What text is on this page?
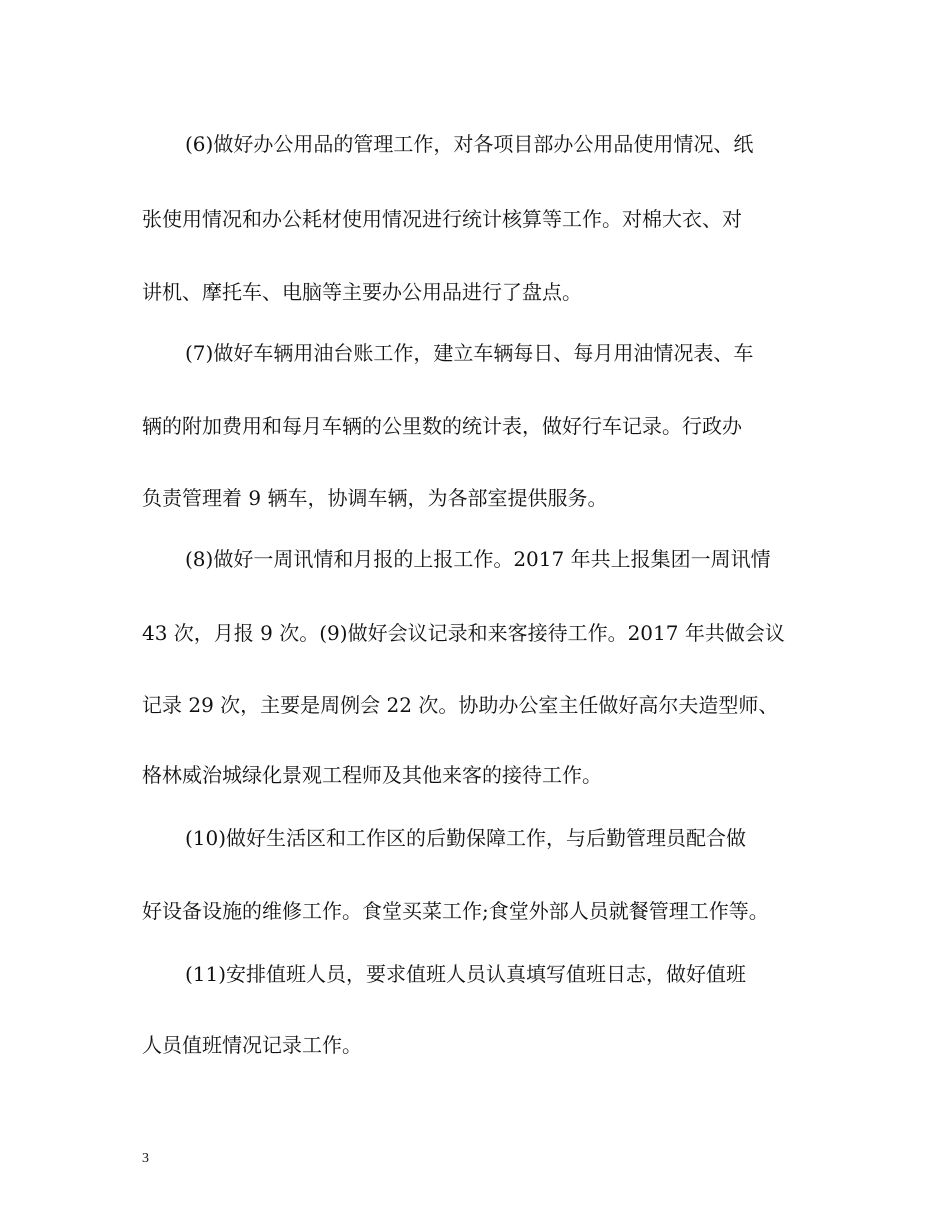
(6)做好办公用品的管理工作，对各项目部办公用品使用情况、纸
张使用情况和办公耗材使用情况进行统计核算等工作。对棉大衣、对
讲机、摩托车、电脑等主要办公用品进行了盘点。
(7)做好车辆用油台账工作，建立车辆每日、每月用油情况表、车
辆的附加费用和每月车辆的公里数的统计表，做好行车记录。行政办
负责管理着 9 辆车，协调车辆，为各部室提供服务。
(8)做好一周讯情和月报的上报工作。2017 年共上报集团一周讯情
43 次，月报 9 次。(9)做好会议记录和来客接待工作。2017 年共做会议
记录 29 次，主要是周例会 22 次。协助办公室主任做好高尔夫造型师、
格林威治城绿化景观工程师及其他来客的接待工作。
(10)做好生活区和工作区的后勤保障工作，与后勤管理员配合做
好设备设施的维修工作。食堂买菜工作;食堂外部人员就餐管理工作等。
(11)安排值班人员，要求值班人员认真填写值班日志，做好值班
人员值班情况记录工作。
3
